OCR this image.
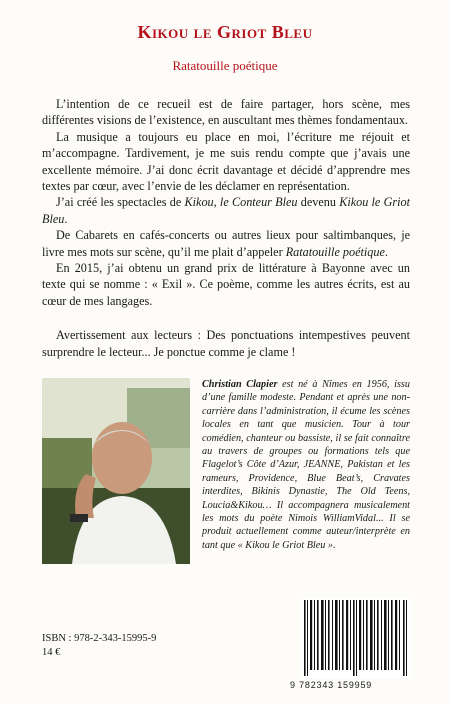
Kikou le Griot Bleu
Ratatouille poétique

L’intention de ce recueil est de faire partager, hors scène, mes différentes visions de l’existence, en auscultant mes thèmes fondamentaux.

La musique a toujours eu place en moi, l’écriture me réjouit et m’accompagne. Tardivement, je me suis rendu compte que j’avais une excellente mémoire. J’ai donc écrit davantage et décidé d’apprendre mes textes par cœur, avec l’envie de les déclamer en représentation.

J’ai créé les spectacles de Kikou, le Conteur Bleu devenu Kikou le Griot Bleu.

De Cabarets en cafés-concerts ou autres lieux pour saltimbanques, je livre mes mots sur scène, qu’il me plait d’appeler Ratatouille poétique.

En 2015, j’ai obtenu un grand prix de littérature à Bayonne avec un texte qui se nomme : « Exil ». Ce poème, comme les autres écrits, est au cœur de mes langages.

Avertissement aux lecteurs : Des ponctuations intempestives peuvent surprendre le lecteur... Je ponctue comme je clame !

Christian Clapier est né à Nîmes en 1956, issu d’une famille modeste. Pendant et après une non-carrière dans l’administration, il écume les scènes locales en tant que musicien. Tour à tour comédien, chanteur ou bassiste, il se fait connaître au travers de groupes ou formations tels que Flagelot’s Côte d’Azur, JEANNE, Pakistan et les rameurs, Providence, Blue Beat’s, Cravates interdites, Bikinis Dynastie, The Old Teens, Loucia&Kikou… Il accompagnera musicalement les mots du poète Nimois WilliamVidal... Il se produit actuellement comme auteur/interprète en tant que « Kikou le Griot Bleu ».
ISBN : 978-2-343-15995-9
14 €
9 782343 159959
